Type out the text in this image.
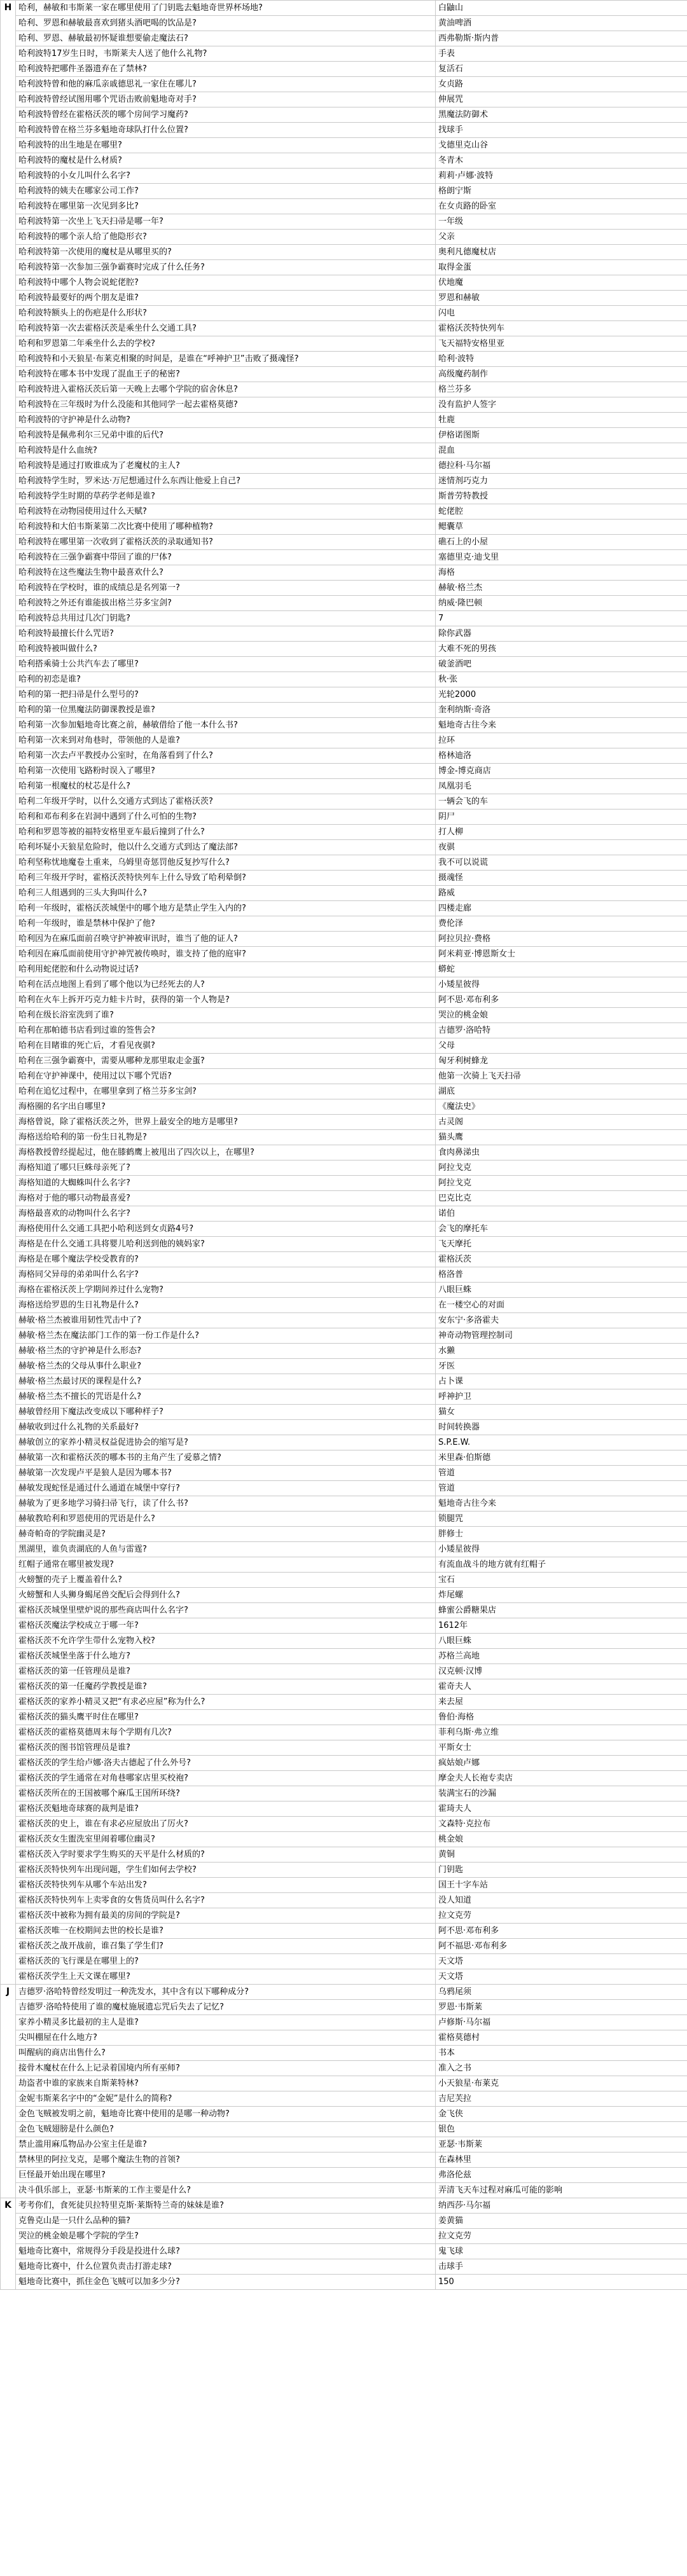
H	哈利，赫敏和韦斯莱一家在哪里使用了门钥匙去魁地奇世界杯场地?	白鼬山
	哈利、罗恩和赫敏最喜欢到猪头酒吧喝的饮品是?	黄油啤酒
	哈利、罗恩、赫敏最初怀疑谁想要偷走魔法石?	西弗勒斯·斯内普
	哈利波特17岁生日时，韦斯莱夫人送了他什么礼物?	手表
	哈利波特把哪件圣器遗弃在了禁林?	复活石
	哈利波特曾和他的麻瓜亲戚德思礼一家住在哪儿?	女贞路
	哈利波特曾经试图用哪个咒语击败前魁地奇对手?	伸展咒
	哈利波特曾经在霍格沃茨的哪个房间学习魔药?	黑魔法防御术
	哈利波特曾在格兰芬多魁地奇球队打什么位置?	找球手
	哈利波特的出生地是在哪里?	戈德里克山谷
	哈利波特的魔杖是什么材质?	冬青木
	哈利波特的小女儿叫什么名字?	莉莉·卢娜·波特
	哈利波特的姨夫在哪家公司工作?	格朗宁斯
	哈利波特在哪里第一次见到多比?	在女贞路的卧室
	哈利波特第一次坐上飞天扫帚是哪一年?	一年级
	哈利波特的哪个亲人给了他隐形衣?	父亲
	哈利波特第一次使用的魔杖是从哪里买的?	奥利凡德魔杖店
	哈利波特第一次参加三强争霸赛时完成了什么任务?	取得金蛋
	哈利波特中哪个人物会说蛇佬腔?	伏地魔
	哈利波特最要好的两个朋友是谁?	罗恩和赫敏
	哈利波特额头上的伤疤是什么形状?	闪电
	哈利波特第一次去霍格沃茨是乘坐什么交通工具?	霍格沃茨特快列车
	哈利和罗恩第二年乘坐什么去的学校?	飞天福特安格里亚
	哈利波特和小天狼星·布莱克相聚的时间是，是谁在“呼神护卫”击败了摄魂怪?	哈利·波特
	哈利波特在哪本书中发现了混血王子的秘密?	高级魔药制作
	哈利波特进入霍格沃茨后第一天晚上去哪个学院的宿舍休息?	格兰芬多
	哈利波特在三年级时为什么没能和其他同学一起去霍格莫德?	没有监护人签字
	哈利波特的守护神是什么动物?	牡鹿
	哈利波特是佩弗利尔三兄弟中谁的后代?	伊格诺图斯
	哈利波特是什么血统?	混血
	哈利波特是通过打败谁成为了老魔杖的主人?	德拉科·马尔福
	哈利波特学生时，罗米达·万尼想通过什么东西让他爱上自己?	迷情剂巧克力
	哈利波特学生时期的草药学老师是谁?	斯普劳特教授
	哈利波特在动物园使用过什么天赋?	蛇佬腔
	哈利波特和大伯韦斯莱第二次比赛中使用了哪种植物?	鳃囊草
	哈利波特在哪里第一次收到了霍格沃茨的录取通知书?	礁石上的小屋
	哈利波特在三强争霸赛中带回了谁的尸体?	塞德里克·迪戈里
	哈利波特在这些魔法生物中最喜欢什么?	海格
	哈利波特在学校时，谁的成绩总是名列第一?	赫敏·格兰杰
	哈利波特之外还有谁能拔出格兰芬多宝剑?	纳威·隆巴顿
	哈利波特总共用过几次门钥匙?	7
	哈利波特最擅长什么咒语?	除你武器
	哈利波特被叫做什么?	大难不死的男孩
	哈利搭乘骑士公共汽车去了哪里?	破釜酒吧
	哈利的初恋是谁?	秋·张
	哈利的第一把扫帚是什么型号的?	光轮2000
	哈利的第一位黑魔法防御课教授是谁?	奎利纳斯·奇洛
	哈利第一次参加魁地奇比赛之前，赫敏借给了他一本什么书?	魁地奇古往今来
	哈利第一次来到对角巷时，带领他的人是谁?	拉环
	哈利第一次去卢平教授办公室时，在角落看到了什么?	格林迪洛
	哈利第一次使用飞路粉时误入了哪里?	博金-博克商店
	哈利第一根魔杖的杖芯是什么?	凤凰羽毛
	哈利二年级开学时，以什么交通方式到达了霍格沃茨?	一辆会飞的车
	哈利和邓布利多在岩洞中遇到了什么可怕的生物?	阴尸
	哈利和罗恩等被的福特安格里亚车最后撞到了什么?	打人柳
	哈利坏疑小天狼星危险时，他以什么交通方式到达了魔法部?	夜骐
	哈利坚称忧地魔卷土重来，乌姆里奇惩罚他反复抄写什么?	我不可以说谎
	哈利三年级开学时，霍格沃茨特快列车上什么导致了哈利晕倒?	摄魂怪
	哈利三人组遇到的三头大狗叫什么?	路威
	哈利一年级时，霍格沃茨城堡中的哪个地方是禁止学生入内的?	四楼走廊
	哈利一年级时，谁是禁林中保护了他?	费伦泽
	哈利因为在麻瓜面前召唤守护神被审讯时，谁当了他的证人?	阿拉贝拉·费格
	哈利因在麻瓜面前使用守护神咒被传唤时，谁支持了他的庭审?	阿米莉亚·博恩斯女士
	哈利用蛇佬腔和什么动物说过话?	蟒蛇
	哈利在活点地图上看到了哪个他以为已经死去的人?	小矮星彼得
	哈利在火车上拆开巧克力蛙卡片时，获得的第一个人物是?	阿不思·邓布利多
	哈利在级长浴室洗到了谁?	哭泣的桃金娘
	哈利在那帕德书店看到过谁的签售会?	吉德罗·洛哈特
	哈利在目睹谁的死亡后，才看见夜骐?	父母
	哈利在三强争霸赛中，需要从哪种龙那里取走金蛋?	匈牙利树蜂龙
	哈利在守护神课中，使用过以下哪个咒语?	他第一次骑上飞天扫帚
	哈利在追忆过程中，在哪里拿到了格兰芬多宝剑?	湖底
	海格圈的名字出自哪里?	《魔法史》
	海格曾说，除了霍格沃茨之外，世界上最安全的地方是哪里?	古灵阁
	海格送给哈利的第一份生日礼物是?	猫头鹰
	海格教授曾经提起过，他在膝鹤鹰上被甩出了四次以上，在哪里?	食肉鼻涕虫
	海格知道了哪只巨蛛母亲死了?	阿拉戈克
	海格知道的大蜘蛛叫什么名字?	阿拉戈克
	海格对于他的哪只动物最喜爱?	巴克比克
	海格最喜欢的动物叫什么名字?	诺伯
	海格使用什么交通工具把小哈利送到女贞路4号?	会飞的摩托车
	海格是在什么交通工具将婴儿哈利送到他的姨妈家?	飞天摩托
	海格是在哪个魔法学校受教育的?	霍格沃茨
	海格同父异母的弟弟叫什么名字?	格洛普
	海格在霍格沃茨上学期间养过什么宠物?	八眼巨蛛
	海格送给罗恩的生日礼物是什么?	在一楼空心的对面
	赫敏·格兰杰被谁用韧性咒击中了?	安东宁·多洛霍夫
	赫敏·格兰杰在魔法部门工作的第一份工作是什么?	神奇动物管理控制司
	赫敏·格兰杰的守护神是什么形态?	水獭
	赫敏·格兰杰的父母从事什么职业?	牙医
	赫敏·格兰杰最讨厌的课程是什么?	占卜课
	赫敏·格兰杰不擅长的咒语是什么?	呼神护卫
	赫敏曾经用下魔法改变成以下哪种样子?	猫女
	赫敏收到过什么礼物的关系最好?	时间转换器
	赫敏创立的家养小精灵权益促进协会的缩写是?	S.P.E.W.
	赫敏第一次和霍格沃茨的哪本书的主角产生了爱慕之情?	米里森·伯斯德
	赫敏第一次发现卢平是狼人是因为哪本书?	管道
	赫敏发现蛇怪是通过什么通道在城堡中穿行?	管道
	赫敏为了更多地学习骑扫帚飞行，读了什么书?	魁地奇古往今来
	赫敏教哈利和罗恩使用的咒语是什么?	锁腿咒
	赫奇帕奇的学院幽灵是?	胖修士
	黑湖里，谁负责湖底的人鱼与雷霆?	小矮星彼得
	红帽子通常在哪里被发现?	有流血战斗的地方就有红帽子
	火螃蟹的壳子上覆盖着什么?	宝石
	火螃蟹和人头狮身蝎尾兽交配后会得到什么?	炸尾螺
	霍格沃茨城堡里壁炉说的那些商店叫什么名字?	蜂蜜公爵糖果店
	霍格沃茨魔法学校成立于哪一年?	1612年
	霍格沃茨不允许学生带什么宠物入校?	八眼巨蛛
	霍格沃茨城堡坐落于什么地方?	苏格兰高地
	霍格沃茨的第一任管理员是谁?	汉克顿·汉博
	霍格沃茨的第一任魔药学教授是谁?	霍奇夫人
	霍格沃茨的家养小精灵又把“有求必应屋”称为什么?	来去屋
	霍格沃茨的猫头鹰平时住在哪里?	鲁伯·海格
	霍格沃茨的霍格莫德周末每个学期有几次?	菲利乌斯·弗立维
	霍格沃茨的图书馆管理员是谁?	平斯女士
	霍格沃茨的学生给卢娜·洛夫古德起了什么外号?	疯姑娘卢娜
	霍格沃茨的学生通常在对角巷哪家店里买校袍?	摩金夫人长袍专卖店
	霍格沃茨所在的王国被哪个麻瓜王国所环绕?	装满宝石的沙漏
	霍格沃茨魁地奇球赛的裁判是谁?	霍琦夫人
	霍格沃茨的史上，谁在有求必应屋放出了厉火?	文森特·克拉布
	霍格沃茨女生盥洗室里闹着哪位幽灵?	桃金娘
	霍格沃茨入学时要求学生购买的天平是什么材质的?	黄铜
	霍格沃茨特快列车出现问题，学生们如何去学校?	门钥匙
	霍格沃茨特快列车从哪个车站出发?	国王十字车站
	霍格沃茨特快列车上卖零食的女售货员叫什么名字?	没人知道
	霍格沃茨中被称为拥有最美的房间的学院是?	拉文克劳
	霍格沃茨唯一在校期间去世的校长是谁?	阿不思·邓布利多
	霍格沃茨之战开战前，谁召集了学生们?	阿不福思·邓布利多
	霍格沃茨的飞行课是在哪里上的?	天文塔
	霍格沃茨学生上天文课在哪里?	天文塔

J	吉德罗·洛哈特曾经发明过一种洗发水，其中含有以下哪种成分?	乌鸦尾须
	吉德罗·洛哈特使用了谁的魔杖施展遗忘咒后失去了记忆?	罗恩·韦斯莱
	家养小精灵多比最初的主人是谁?	卢修斯·马尔福
	尖叫棚屋在什么地方?	霍格莫德村
	叫醒病的商店出售什么?	书本
	接骨木魔杖在什么上记录着国境内所有巫师?	准入之书
	劫盗者中谁的家族来自斯莱特林?	小天狼星·布莱克
	金妮韦斯莱名字中的“金妮”是什么的简称?	吉尼芙拉
	金色飞贼被发明之前，魁地奇比赛中使用的是哪一种动物?	金飞侠
	金色飞贼翅膀是什么颜色?	银色
	禁止滥用麻瓜物品办公室主任是谁?	亚瑟·韦斯莱
	禁林里的阿拉戈克，是哪个魔法生物的首领?	在森林里
	巨怪最开始出现在哪里?	弗洛伦兹
	决斗俱乐部上，亚瑟·韦斯莱的工作主要是什么?	弄清飞天车过程对麻瓜可能的影响

K	考考你们，食死徒贝拉特里克斯·莱斯特兰奇的妹妹是谁?	纳西莎·马尔福
	克鲁克山是一只什么品种的猫?	姜黄猫
	哭泣的桃金娘是哪个学院的学生?	拉文克劳
	魁地奇比赛中，常规得分手段是投进什么球?	鬼飞球
	魁地奇比赛中，什么位置负责击打游走球?	击球手
	魁地奇比赛中，抓住金色飞贼可以加多少分?	150
